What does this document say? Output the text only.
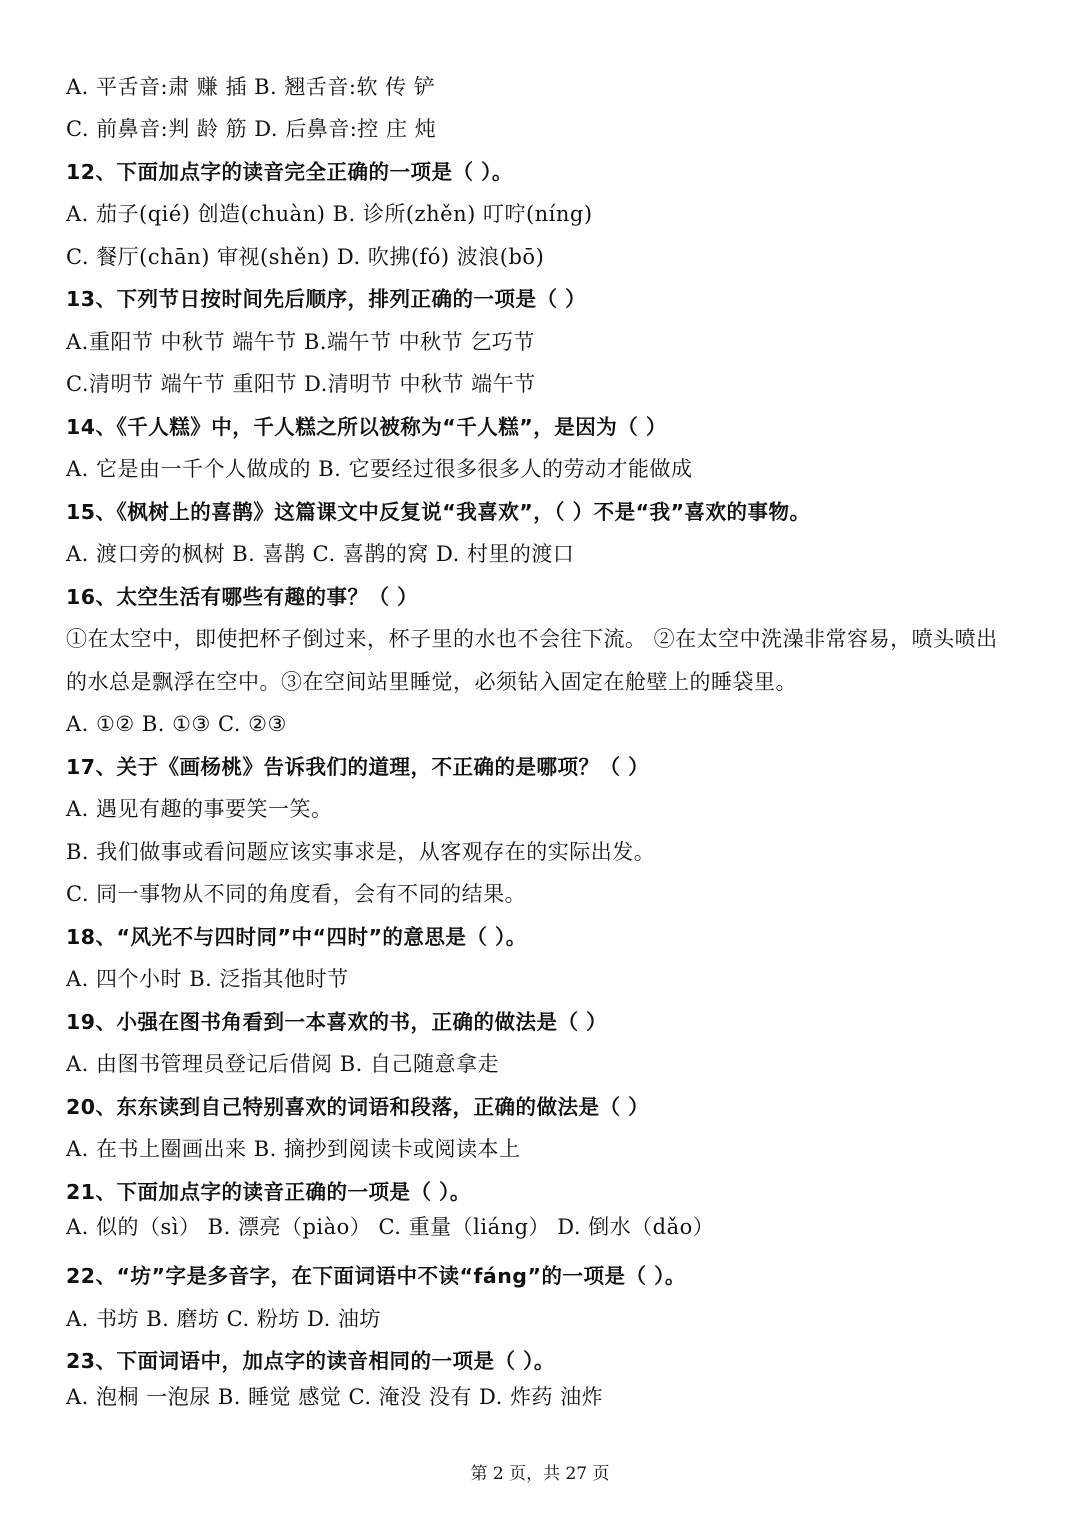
A. 平舌音:肃 赚 插 B. 翘舌音:软 传 铲
C. 前鼻音:判 龄 筋 D. 后鼻音:控 庄 炖
12、下面加点字的读音完全正确的一项是（ ）。
A. 茄子(qié) 创造(chuàn) B. 诊所(zhěn) 叮咛(níng)
C. 餐厅(chān) 审视(shěn) D. 吹拂(fó) 波浪(bō)
13、下列节日按时间先后顺序，排列正确的一项是（ ）
A.重阳节 中秋节 端午节 B.端午节 中秋节 乞巧节
C.清明节 端午节 重阳节 D.清明节 中秋节 端午节
14、《千人糕》中，千人糕之所以被称为“千人糕”，是因为（ ）
A. 它是由一千个人做成的 B. 它要经过很多很多人的劳动才能做成
15、《枫树上的喜鹊》这篇课文中反复说“我喜欢”，（ ）不是“我”喜欢的事物。
A. 渡口旁的枫树 B. 喜鹊 C. 喜鹊的窝 D. 村里的渡口
16、太空生活有哪些有趣的事？（ ）
①在太空中，即使把杯子倒过来，杯子里的水也不会往下流。 ②在太空中洗澡非常容易，喷头喷出
的水总是飘浮在空中。③在空间站里睡觉，必须钻入固定在舱壁上的睡袋里。
A. ①② B. ①③ C. ②③
17、关于《画杨桃》告诉我们的道理，不正确的是哪项？（ ）
A. 遇见有趣的事要笑一笑。
B. 我们做事或看问题应该实事求是，从客观存在的实际出发。
C. 同一事物从不同的角度看，会有不同的结果。
18、“风光不与四时同”中“四时”的意思是（ ）。
A. 四个小时 B. 泛指其他时节
19、小强在图书角看到一本喜欢的书，正确的做法是（ ）
A. 由图书管理员登记后借阅 B. 自己随意拿走
20、东东读到自己特别喜欢的词语和段落，正确的做法是（ ）
A. 在书上圈画出来 B. 摘抄到阅读卡或阅读本上
21、下面加点字的读音正确的一项是（ ）。
A. 似的（sì） B. 漂亮（piào） C. 重量（liáng） D. 倒水（dǎo）
22、“坊”字是多音字，在下面词语中不读“fáng”的一项是（ ）。
A. 书坊 B. 磨坊 C. 粉坊 D. 油坊
23、下面词语中，加点字的读音相同的一项是（ ）。
A. 泡桐 一泡尿 B. 睡觉 感觉 C. 淹没 没有 D. 炸药 油炸
第 2 页，共 27 页
